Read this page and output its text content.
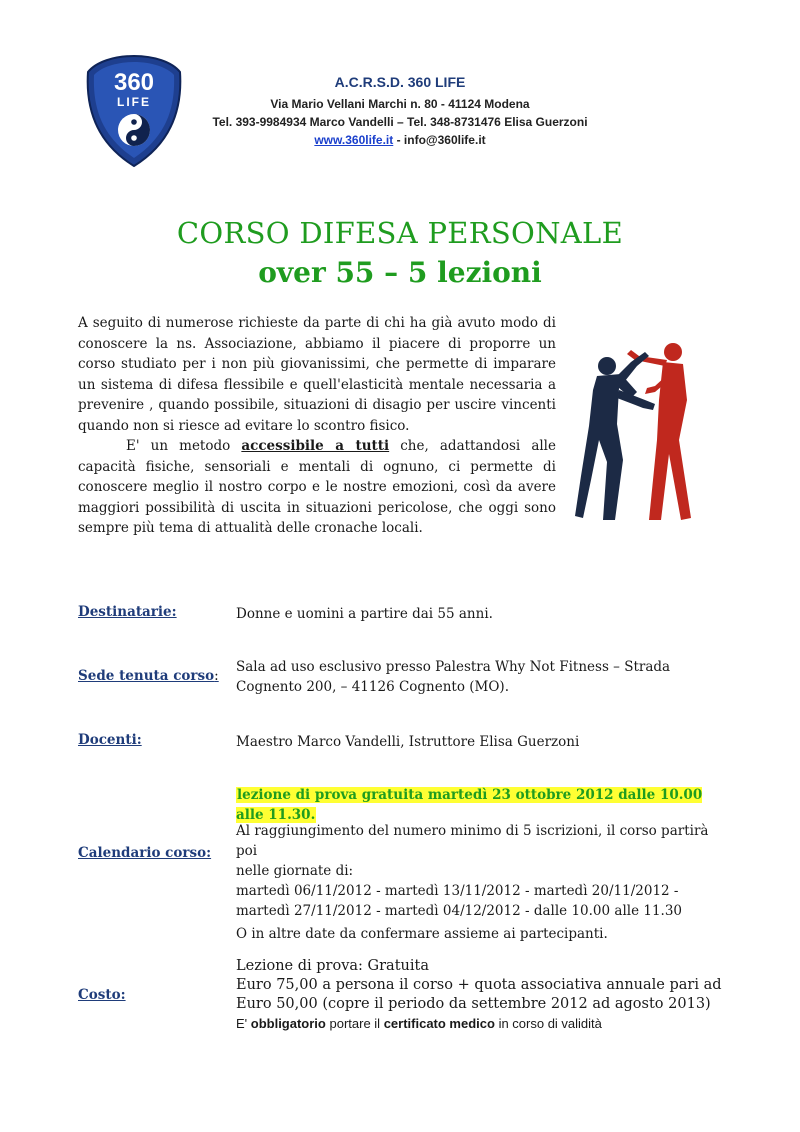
360
LIFE
A.C.R.S.D. 360 LIFE
Via Mario Vellani Marchi n. 80 - 41124 Modena
Tel. 393-9984934 Marco Vandelli – Tel. 348-8731476 Elisa Guerzoni
www.360life.it - info@360life.it
CORSO DIFESA PERSONALE
over 55 – 5 lezioni

A seguito di numerose richieste da parte di chi ha già avuto modo di conoscere la ns. Associazione, abbiamo il piacere di proporre un corso studiato per i non più giovanissimi, che permette di imparare un sistema di difesa flessibile e quell'elasticità mentale necessaria a prevenire , quando possibile, situazioni di disagio per uscire vincenti quando non si riesce ad evitare lo scontro fisico.

E' un metodo accessibile a tutti che, adattandosi alle capacità fisiche, sensoriali e mentali di ognuno, ci permette di conoscere meglio il nostro corpo e le nostre emozioni, così da avere maggiori possibilità di uscita in situazioni pericolose, che oggi sono sempre più tema di attualità delle cronache locali.

Destinatarie:	Donne e uomini a partire dai 55 anni.
Sede tenuta corso:
Sala ad uso esclusivo presso Palestra Why Not Fitness – Strada
Cognento 200, – 41126 Cognento (MO).
Docenti:	Maestro Marco Vandelli, Istruttore Elisa Guerzoni
lezione di prova gratuita martedì 23 ottobre 2012 dalle 10.00 alle 11.30.
Calendario corso:
Al raggiungimento del numero minimo di 5 iscrizioni, il corso partirà poi
nelle giornate di:
martedì 06/11/2012 - martedì 13/11/2012 - martedì 20/11/2012 -
martedì 27/11/2012 - martedì 04/12/2012 - dalle 10.00 alle 11.30
O in altre date da confermare assieme ai partecipanti.
Costo:
Lezione di prova: Gratuita
Euro 75,00 a persona il corso + quota associativa annuale pari ad
Euro 50,00 (copre il periodo da settembre 2012 ad agosto 2013)
E' obbligatorio portare il certificato medico in corso di validità
